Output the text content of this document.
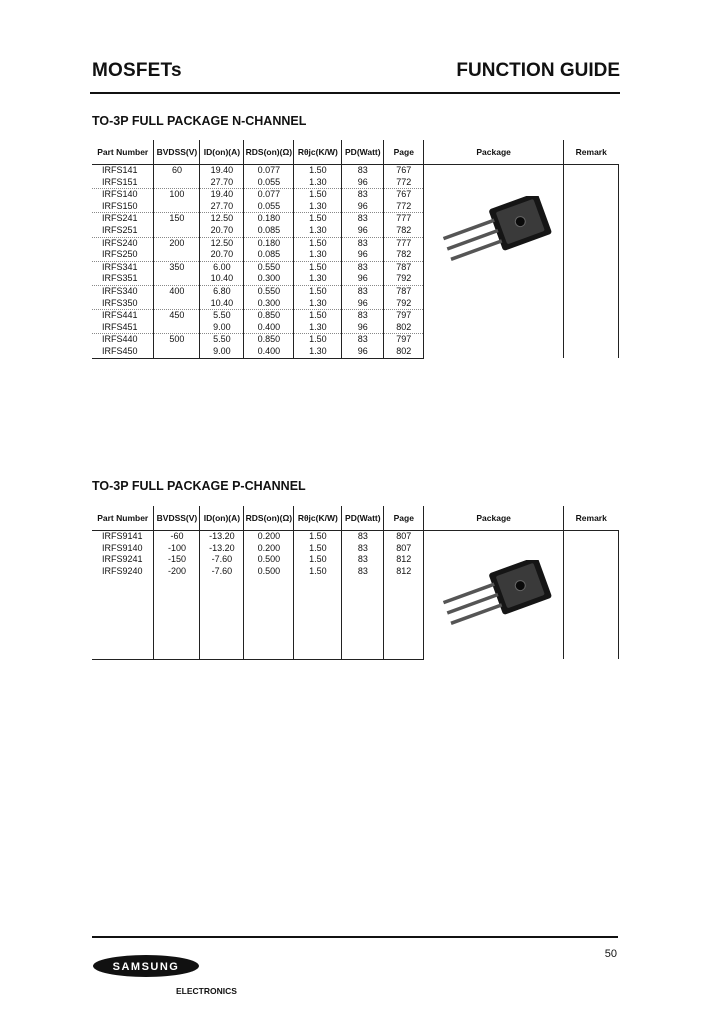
MOSFETs	FUNCTION GUIDE
TO-3P FULL PACKAGE N-CHANNEL
Part Number	BVDSS(V)	ID(on)(A)	RDS(on)(Ω)	Rθjc(K/W)	PD(Watt)	Page	Package	Remark
IRFS141	60	19.40	0.077	1.50	83	767		
IRFS151		27.70	0.055	1.30	96	772		
IRFS140	100	19.40	0.077	1.50	83	767		
IRFS150		27.70	0.055	1.30	96	772		
IRFS241	150	12.50	0.180	1.50	83	777		
IRFS251		20.70	0.085	1.30	96	782		
IRFS240	200	12.50	0.180	1.50	83	777		
IRFS250		20.70	0.085	1.30	96	782		
IRFS341	350	6.00	0.550	1.50	83	787		
IRFS351		10.40	0.300	1.30	96	792		
IRFS340	400	6.80	0.550	1.50	83	787		
IRFS350		10.40	0.300	1.30	96	792		
IRFS441	450	5.50	0.850	1.50	83	797		
IRFS451		9.00	0.400	1.30	96	802		
IRFS440	500	5.50	0.850	1.50	83	797		
IRFS450		9.00	0.400	1.30	96	802		
TO-3P FULL PACKAGE P-CHANNEL
Part Number	BVDSS(V)	ID(on)(A)	RDS(on)(Ω)	Rθjc(K/W)	PD(Watt)	Page	Package	Remark
IRFS9141	-60	-13.20	0.200	1.50	83	807		
IRFS9140	-100	-13.20	0.200	1.50	83	807		
IRFS9241	-150	-7.60	0.500	1.50	83	812		
IRFS9240	-200	-7.60	0.500	1.50	83	812		

50
SAMSUNG
ELECTRONICS
